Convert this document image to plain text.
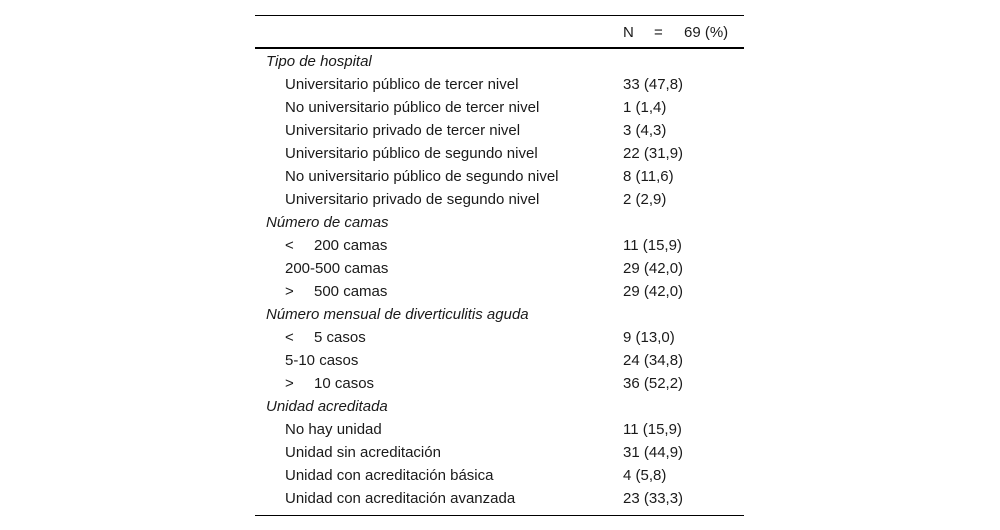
N = 69 (%)
Tipo de hospital
Universitario público de tercer nivel	33 (47,8)
No universitario público de tercer nivel	1 (1,4)
Universitario privado de tercer nivel	3 (4,3)
Universitario público de segundo nivel	22 (31,9)
No universitario público de segundo nivel	8 (11,6)
Universitario privado de segundo nivel	2 (2,9)
Número de camas
< 200 camas	11 (15,9)
200-500 camas	29 (42,0)
> 500 camas	29 (42,0)
Número mensual de diverticulitis aguda
< 5 casos	9 (13,0)
5-10 casos	24 (34,8)
> 10 casos	36 (52,2)
Unidad acreditada
No hay unidad	11 (15,9)
Unidad sin acreditación	31 (44,9)
Unidad con acreditación básica	4 (5,8)
Unidad con acreditación avanzada	23 (33,3)
